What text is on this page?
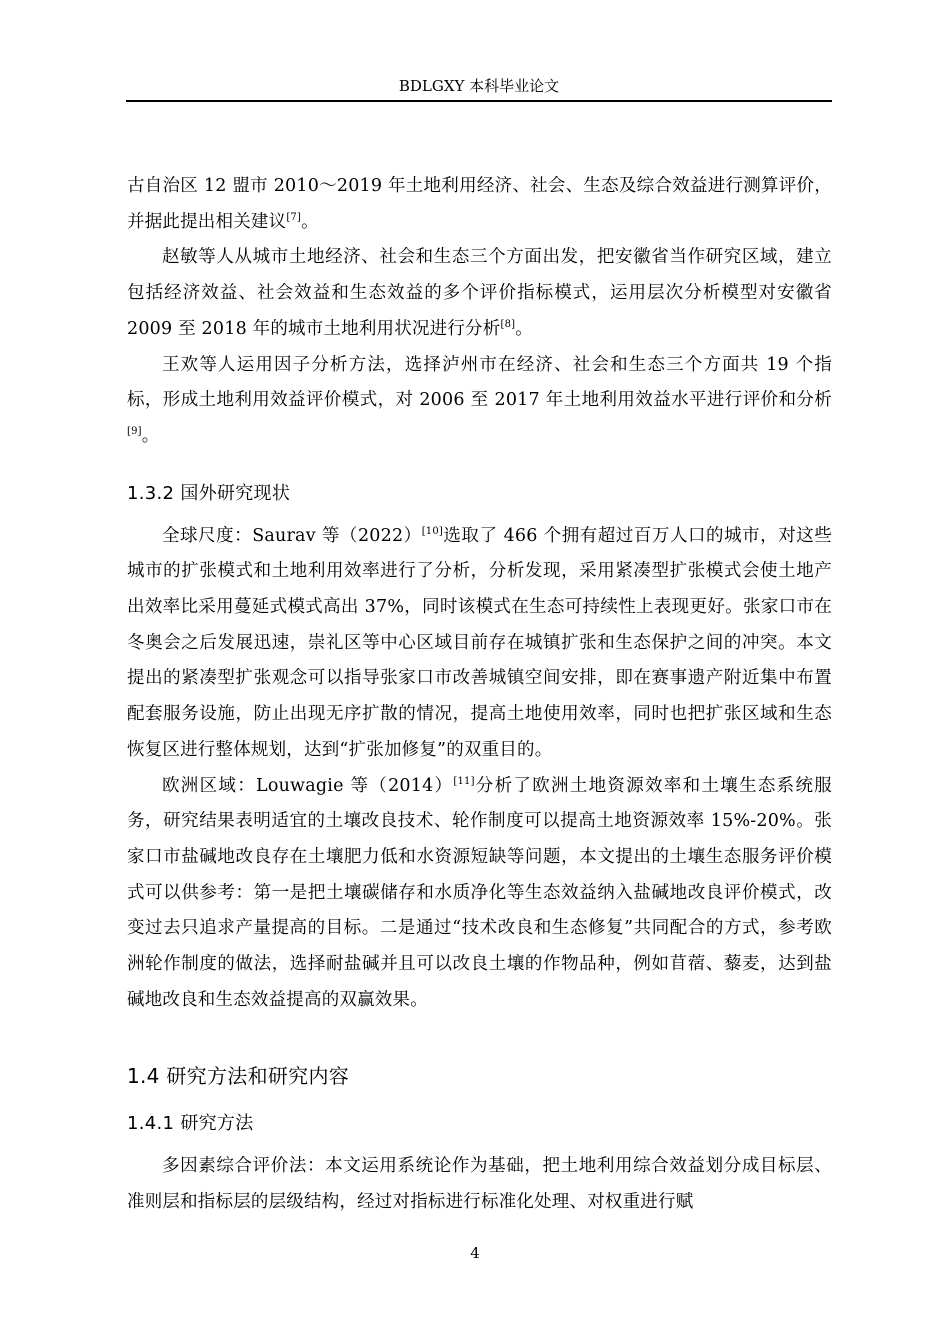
BDLGXY 本科毕业论文

古自治区 12 盟市 2010～2019 年土地利用经济、社会、生态及综合效益进行测算评价，并据此提出相关建议[7]。

赵敏等人从城市土地经济、社会和生态三个方面出发，把安徽省当作研究区域，建立包括经济效益、社会效益和生态效益的多个评价指标模式，运用层次分析模型对安徽省 2009 至 2018 年的城市土地利用状况进行分析[8]。

王欢等人运用因子分析方法，选择泸州市在经济、社会和生态三个方面共 19 个指标，形成土地利用效益评价模式，对 2006 至 2017 年土地利用效益水平进行评价和分析[9]。

1.3.2 国外研究现状

全球尺度：Saurav 等（2022）[10]选取了 466 个拥有超过百万人口的城市，对这些城市的扩张模式和土地利用效率进行了分析，分析发现，采用紧凑型扩张模式会使土地产出效率比采用蔓延式模式高出 37%，同时该模式在生态可持续性上表现更好。张家口市在冬奥会之后发展迅速，崇礼区等中心区域目前存在城镇扩张和生态保护之间的冲突。本文提出的紧凑型扩张观念可以指导张家口市改善城镇空间安排，即在赛事遗产附近集中布置配套服务设施，防止出现无序扩散的情况，提高土地使用效率，同时也把扩张区域和生态恢复区进行整体规划，达到“扩张加修复”的双重目的。

欧洲区域：Louwagie 等（2014）[11]分析了欧洲土地资源效率和土壤生态系统服务，研究结果表明适宜的土壤改良技术、轮作制度可以提高土地资源效率 15%-20%。张家口市盐碱地改良存在土壤肥力低和水资源短缺等问题，本文提出的土壤生态服务评价模式可以供参考：第一是把土壤碳储存和水质净化等生态效益纳入盐碱地改良评价模式，改变过去只追求产量提高的目标。二是通过“技术改良和生态修复”共同配合的方式，参考欧洲轮作制度的做法，选择耐盐碱并且可以改良土壤的作物品种，例如苜蓿、藜麦，达到盐碱地改良和生态效益提高的双赢效果。

1.4 研究方法和研究内容
1.4.1 研究方法

多因素综合评价法：本文运用系统论作为基础，把土地利用综合效益划分成目标层、准则层和指标层的层级结构，经过对指标进行标准化处理、对权重进行赋

4
